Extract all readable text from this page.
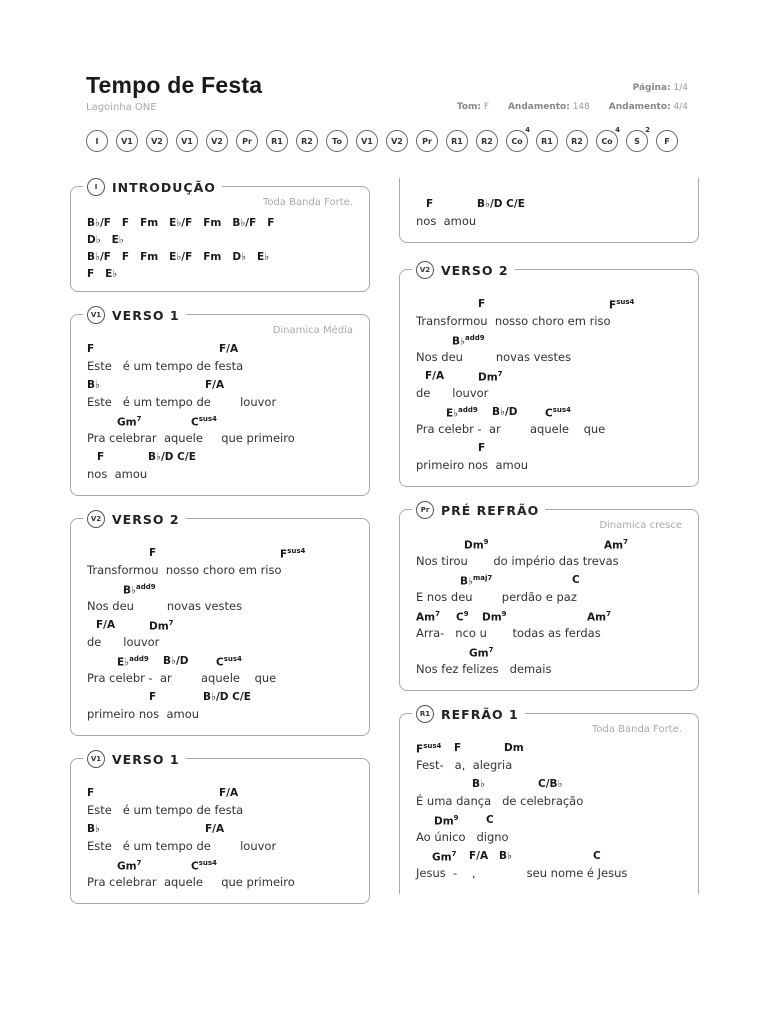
Tempo de Festa
Lagoinha ONE
Página: 1/4
Tom: F Andamento: 148 Andamento: 4/4
I	V1	V2	V1	V2	Pr	R1	R2	To	V1	V2	Pr	R1	R2	Co
4
R1	R2	Co
4
S
2
F
I	INTRODUÇÃO
Toda Banda Forte.
B♭/F   F   Fm   E♭/F   Fm   B♭/F   F
D♭   E♭
B♭/F   F   Fm   E♭/F   Fm   D♭   E♭
F   E♭
V1 VERSO 1
Dinamica Média
F	F/A
Este   é um tempo de festa
B♭	F/A
Este   é um tempo de        louvor
Gm$^7$	$C^{sus4}$
Pra celebrar  aquele     que primeiro
F	B♭/D C/E
nos  amou
V2 VERSO 2
F	$F^{sus4}$
Transformou  nosso choro em riso
B♭$^{add9}$
Nos deu         novas vestes
F/A	Dm$^7$
de      louvor
E♭$^{add9}$ B♭/D	$C^{sus4}$
Pra celebr -  ar        aquele    que
F	B♭/D C/E
primeiro nos  amou
V1 VERSO 1
F	F/A
Este   é um tempo de festa
B♭	F/A
Este   é um tempo de        louvor
Gm$^7$	$C^{sus4}$
Pra celebrar  aquele     que primeiro
F	B♭/D C/E
nos  amou
V2 VERSO 2
F	$F^{sus4}$
Transformou  nosso choro em riso
B♭$^{add9}$
Nos deu         novas vestes
F/A	Dm$^7$
de      louvor
E♭$^{add9}$ B♭/D	$C^{sus4}$
Pra celebr -  ar        aquele    que
F
primeiro nos  amou
Pr PRÉ REFRÃO
Dinamica cresce
Dm$^9$	Am$^7$
Nos tirou       do império das trevas
B♭$^{maj7}$	C
E nos deu        perdão e paz
Am$^7$ $C^9$ Dm$^9$	Am$^7$
Arra-   nco u       todas as ferdas
Gm$^7$
Nos fez felizes   demais
R1 REFRÃO 1
Toda Banda Forte.
$F^{sus4}$ F	Dm
Fest-   a,  alegria
B♭	C/B♭
É uma dança   de celebração
Dm$^9$	C
Ao único   digno
Gm$^7$ F/A B♭	C
Jesus  -    ,              seu nome é Jesus
